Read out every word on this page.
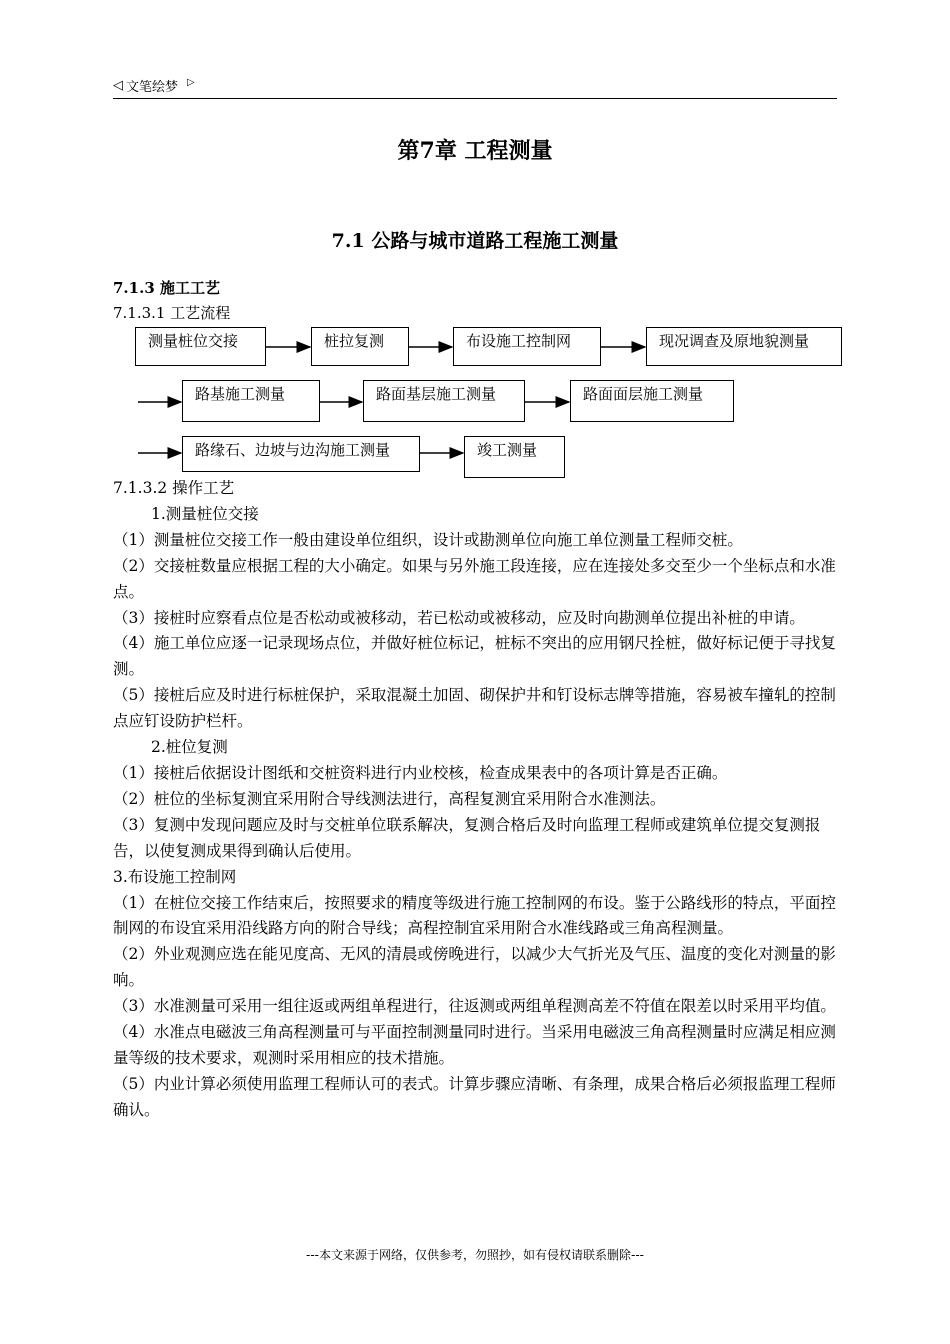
◁ 文笔绘梦 ▷
第7章 工程测量
7.1 公路与城市道路工程施工测量
7.1.3 施工工艺
7.1.3.1 工艺流程
测量桩位交接	桩拉复测	布设施工控制网	现况调查及原地貌测量
路基施工测量	路面基层施工测量	路面面层施工测量
路缘石、边坡与边沟施工测量	竣工测量

7.1.3.2 操作工艺

1.测量桩位交接

（1）测量桩位交接工作一般由建设单位组织，设计或勘测单位向施工单位测量工程师交桩。

（2）交接桩数量应根据工程的大小确定。如果与另外施工段连接，应在连接处多交至少一个坐标点和水准点。

（3）接桩时应察看点位是否松动或被移动，若已松动或被移动，应及时向勘测单位提出补桩的申请。

（4）施工单位应逐一记录现场点位，并做好桩位标记，桩标不突出的应用钢尺拴桩，做好标记便于寻找复测。

（5）接桩后应及时进行标桩保护，采取混凝土加固、砌保护井和钉设标志牌等措施，容易被车撞轧的控制点应钉设防护栏杆。

2.桩位复测

（1）接桩后依据设计图纸和交桩资料进行内业校核，检查成果表中的各项计算是否正确。

（2）桩位的坐标复测宜采用附合导线测法进行，高程复测宜采用附合水准测法。

（3）复测中发现问题应及时与交桩单位联系解决，复测合格后及时向监理工程师或建筑单位提交复测报告，以使复测成果得到确认后使用。

3.布设施工控制网

（1）在桩位交接工作结束后，按照要求的精度等级进行施工控制网的布设。鉴于公路线形的特点，平面控制网的布设宜采用沿线路方向的附合导线；高程控制宜采用附合水准线路或三角高程测量。

（2）外业观测应选在能见度高、无风的清晨或傍晚进行，以减少大气折光及气压、温度的变化对测量的影响。

（3）水准测量可采用一组往返或两组单程进行，往返测或两组单程测高差不符值在限差以时采用平均值。

（4）水准点电磁波三角高程测量可与平面控制测量同时进行。当采用电磁波三角高程测量时应满足相应测量等级的技术要求，观测时采用相应的技术措施。

（5）内业计算必须使用监理工程师认可的表式。计算步骤应清晰、有条理，成果合格后必须报监理工程师确认。

---本文来源于网络，仅供参考，勿照抄，如有侵权请联系删除---
